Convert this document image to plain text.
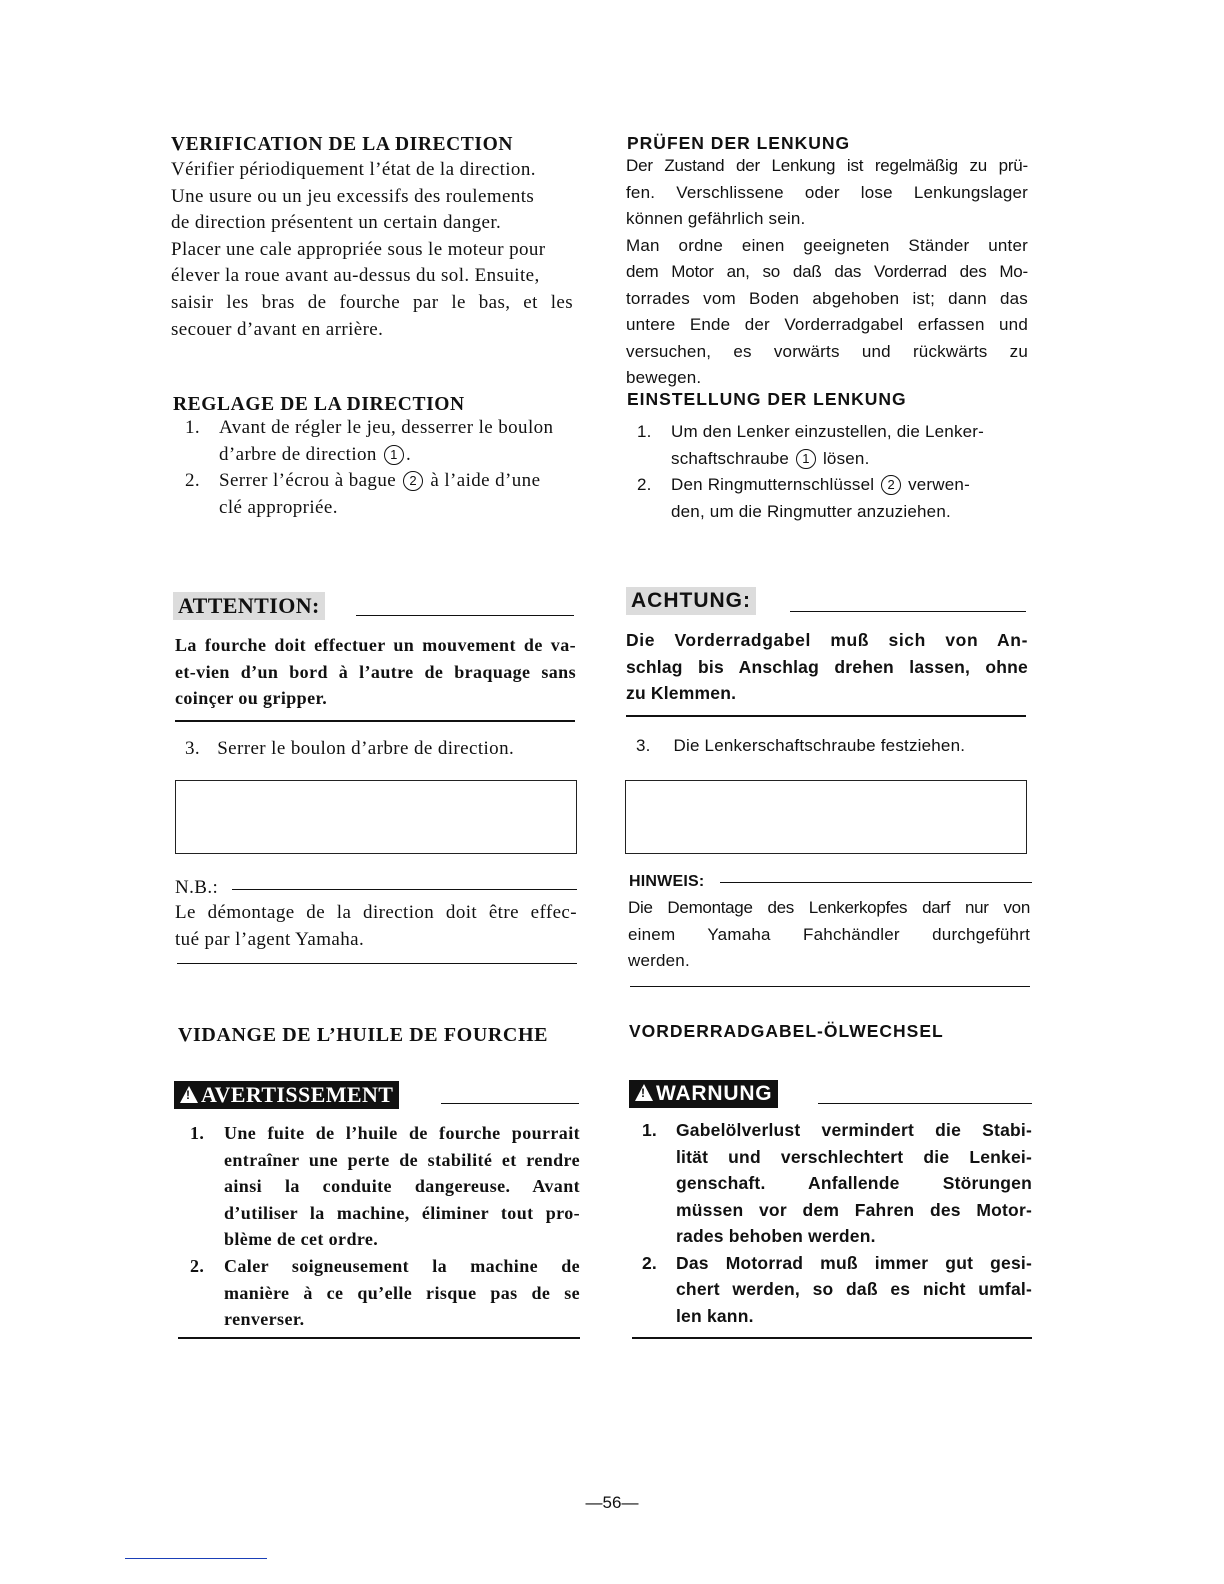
VERIFICATION DE LA DIRECTION
Vérifier périodiquement l’état de la direction.
Une usure ou un jeu excessifs des roulements
de direction présentent un certain danger.
Placer une cale appropriée sous le moteur pour
élever la roue avant au-dessus du sol. Ensuite,
saisir les bras de fourche par le bas, et les
secouer d’avant en arrière.
REGLAGE DE LA DIRECTION
1. Avant de régler le jeu, desserrer le boulon
d’arbre de direction 1 .
2. Serrer l’écrou à bague 2 à l’aide d’une
clé appropriée.
ATTENTION:
La fourche doit effectuer un mouvement de va-
et-vien d’un bord à l’autre de braquage sans
coinçer ou gripper.
3. Serrer le boulon d’arbre de direction.
N.B.:
Le démontage de la direction doit être effec-
tué par l’agent Yamaha.
VIDANGE DE L’HUILE DE FOURCHE
!AVERTISSEMENT
1. Une fuite de l’huile de fourche pourrait
entraîner une perte de stabilité et rendre
ainsi la conduite dangereuse. Avant
d’utiliser la machine, éliminer tout pro-
blème de cet ordre.
2. Caler soigneusement la machine de
manière à ce qu’elle risque pas de se
renverser.
PRÜFEN DER LENKUNG
Der Zustand der Lenkung ist regelmäßig zu prü-
fen. Verschlissene oder lose Lenkungslager
können gefährlich sein.
Man ordne einen geeigneten Ständer unter
dem Motor an, so daß das Vorderrad des Mo-
torrades vom Boden abgehoben ist; dann das
untere Ende der Vorderradgabel erfassen und
versuchen, es vorwärts und rückwärts zu
bewegen.
EINSTELLUNG DER LENKUNG
1. Um den Lenker einzustellen, die Lenker-
schaftschraube 1 lösen.
2. Den Ringmutternschlüssel 2 verwen-
den, um die Ringmutter anzuziehen.
ACHTUNG:
Die Vorderradgabel muß sich von An-
schlag bis Anschlag drehen lassen, ohne
zu Klemmen.
3. Die Lenkerschaftschraube festziehen.
HINWEIS:
Die Demontage des Lenkerkopfes darf nur von
einem Yamaha Fahchändler durchgeführt
werden.
VORDERRADGABEL-ÖLWECHSEL
!WARNUNG
1. Gabelölverlust vermindert die Stabi-
lität und verschlechtert die Lenkei-
genschaft. Anfallende Störungen
müssen vor dem Fahren des Motor-
rades behoben werden.
2. Das Motorrad muß immer gut gesi-
chert werden, so daß es nicht umfal-
len kann.
—56—
